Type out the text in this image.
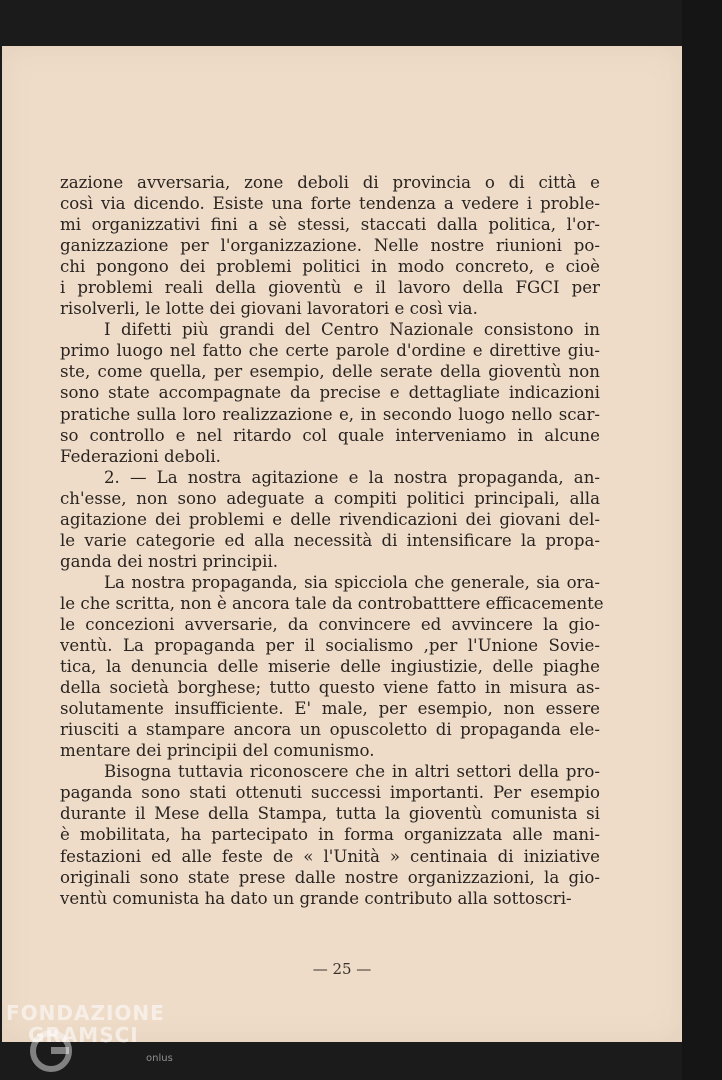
zazione avversaria, zone deboli di provincia o di città e
così via dicendo. Esiste una forte tendenza a vedere i proble-
mi organizzativi fini a sè stessi, staccati dalla politica, l'or-
ganizzazione per l'organizzazione. Nelle nostre riunioni po-
chi pongono dei problemi politici in modo concreto, e cioè
i problemi reali della gioventù e il lavoro della FGCI per
risolverli, le lotte dei giovani lavoratori e così via.
I difetti più grandi del Centro Nazionale consistono in
primo luogo nel fatto che certe parole d'ordine e direttive giu-
ste, come quella, per esempio, delle serate della gioventù non
sono state accompagnate da precise e dettagliate indicazioni
pratiche sulla loro realizzazione e, in secondo luogo nello scar-
so controllo e nel ritardo col quale interveniamo in alcune
Federazioni deboli.
2. — La nostra agitazione e la nostra propaganda, an-
ch'esse, non sono adeguate a compiti politici principali, alla
agitazione dei problemi e delle rivendicazioni dei giovani del-
le varie categorie ed alla necessità di intensificare la propa-
ganda dei nostri principii.
La nostra propaganda, sia spicciola che generale, sia ora-
le che scritta, non è ancora tale da controbatttere efficacemente
le concezioni avversarie, da convincere ed avvincere la gio-
ventù. La propaganda per il socialismo ,per l'Unione Sovie-
tica, la denuncia delle miserie delle ingiustizie, delle piaghe
della società borghese; tutto questo viene fatto in misura as-
solutamente insufficiente. E' male, per esempio, non essere
riusciti a stampare ancora un opuscoletto di propaganda ele-
mentare dei principii del comunismo.
Bisogna tuttavia riconoscere che in altri settori della pro-
paganda sono stati ottenuti successi importanti. Per esempio
durante il Mese della Stampa, tutta la gioventù comunista si
è mobilitata, ha partecipato in forma organizzata alle mani-
festazioni ed alle feste de « l'Unità » centinaia di iniziative
originali sono state prese dalle nostre organizzazioni, la gio-
ventù comunista ha dato un grande contributo alla sottoscri-
— 25 —
FONDAZIONE
GRAMSCI
onlus
